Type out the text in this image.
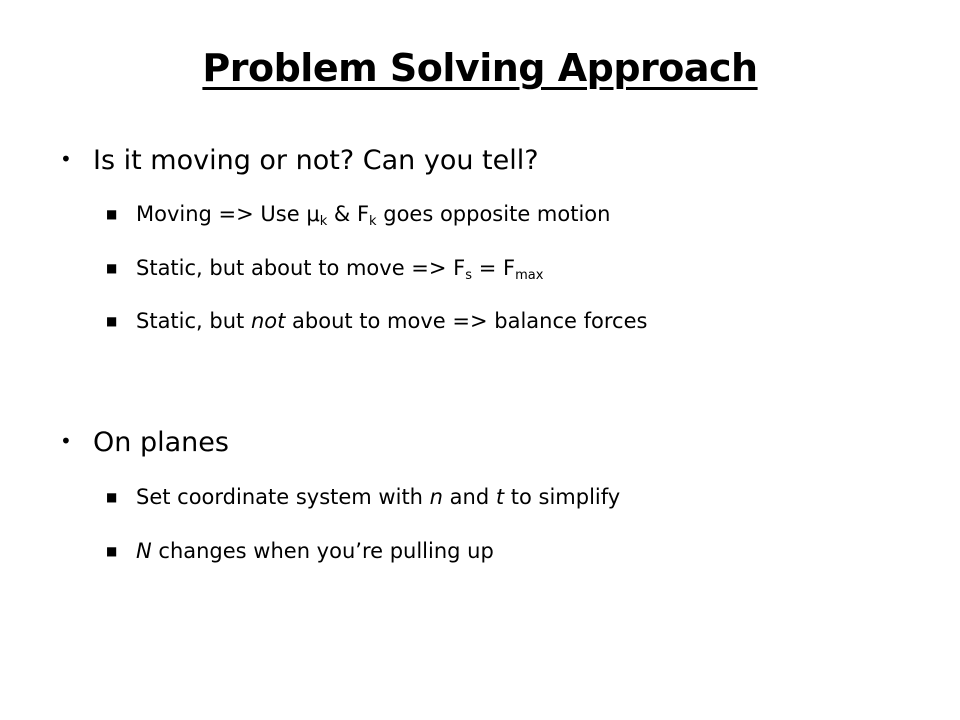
Problem Solving Approach
• Is it moving or not? Can you tell?
■ Moving => Use $\mu_k$ & $F_k$ goes opposite motion
■ Static, but about to move => $F_s = F_{max}$
■ Static, but not about to move => balance forces
• On planes
■ Set coordinate system with n and t to simplify
■ N changes when you’re pulling up
